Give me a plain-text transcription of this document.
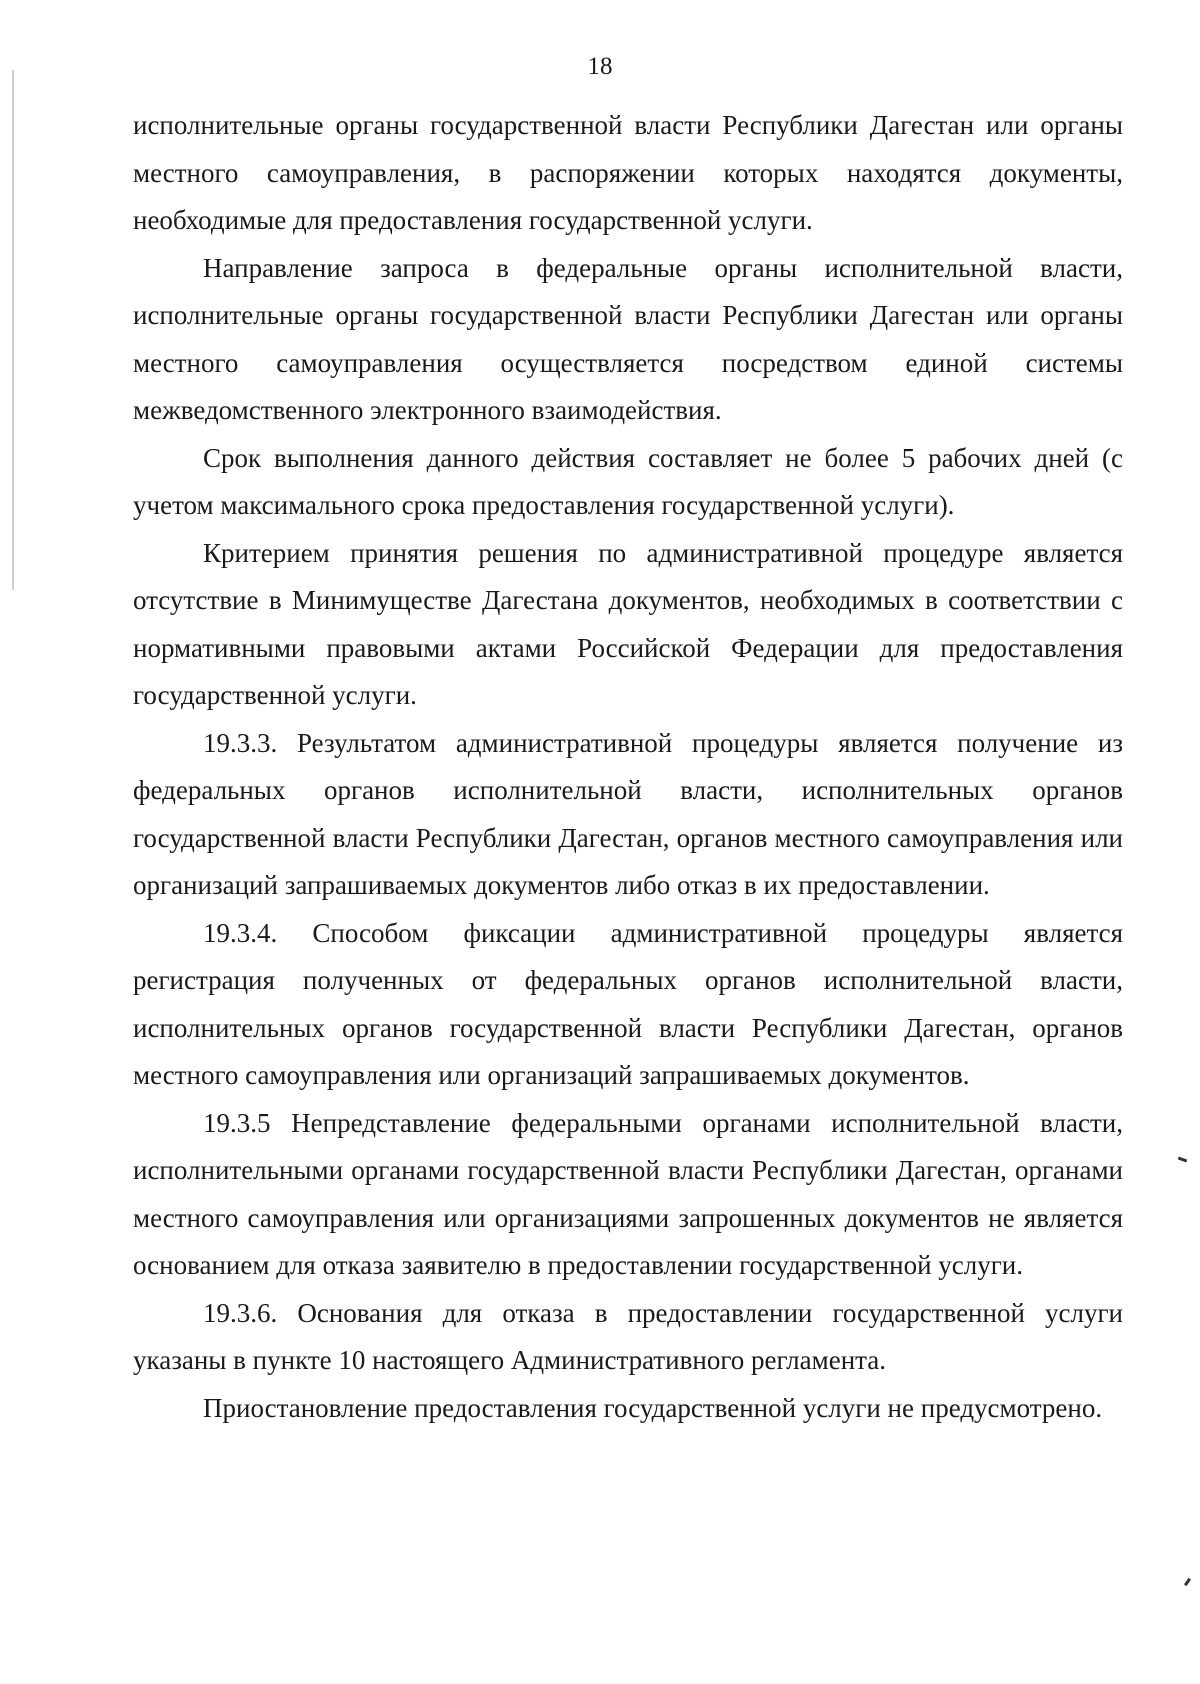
18

исполнительные органы государственной власти Республики Дагестан или органы местного самоуправления, в распоряжении которых находятся документы, необходимые для предоставления государственной услуги.

Направление запроса в федеральные органы исполнительной власти, исполнительные органы государственной власти Республики Дагестан или органы местного самоуправления осуществляется посредством единой системы межведомственного электронного взаимодействия.

Срок выполнения данного действия составляет не более 5 рабочих дней (с учетом максимального срока предоставления государственной услуги).

Критерием принятия решения по административной процедуре является отсутствие в Минимуществе Дагестана документов, необходимых в соответствии с нормативными правовыми актами Российской Федерации для предоставления государственной услуги.

19.3.3. Результатом административной процедуры является получение из федеральных органов исполнительной власти, исполнительных органов государственной власти Республики Дагестан, органов местного самоуправления или организаций запрашиваемых документов либо отказ в их предоставлении.

19.3.4. Способом фиксации административной процедуры является регистрация полученных от федеральных органов исполнительной власти, исполнительных органов государственной власти Республики Дагестан, органов местного самоуправления или организаций запрашиваемых документов.

19.3.5 Непредставление федеральными органами исполнительной власти, исполнительными органами государственной власти Республики Дагестан, органами местного самоуправления или организациями запрошенных документов не является основанием для отказа заявителю в предоставлении государственной услуги.

19.3.6. Основания для отказа в предоставлении государственной услуги указаны в пункте 10 настоящего Административного регламента.

Приостановление предоставления государственной услуги не предусмотрено.
